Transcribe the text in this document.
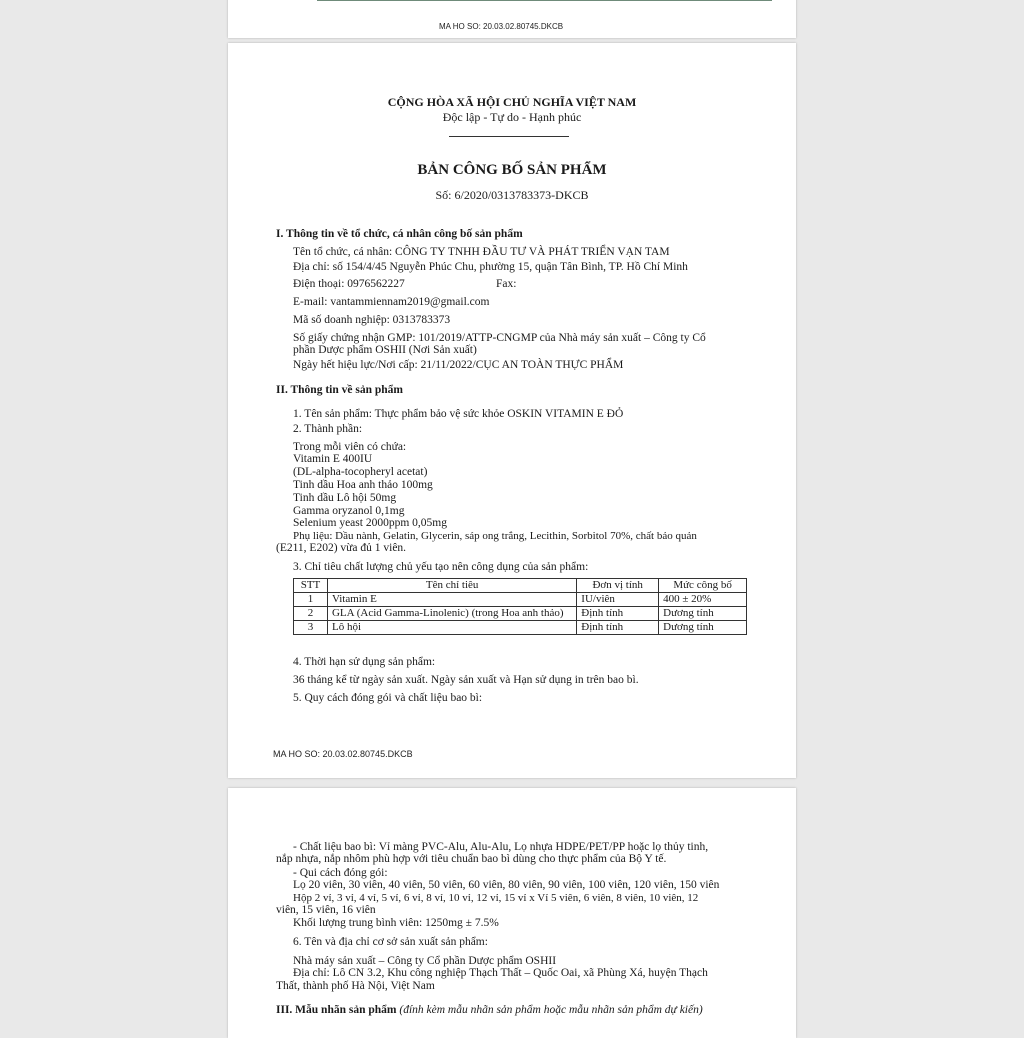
MA HO SO: 20.03.02.80745.DKCB
CỘNG HÒA XÃ HỘI CHỦ NGHĨA VIỆT NAM
Độc lập - Tự do - Hạnh phúc
BẢN CÔNG BỐ SẢN PHẨM
Số: 6/2020/0313783373-DKCB
I. Thông tin về tổ chức, cá nhân công bố sản phẩm
Tên tổ chức, cá nhân: CÔNG TY TNHH ĐẦU TƯ VÀ PHÁT TRIỂN VẠN TAM
Địa chỉ: số 154/4/45 Nguyễn Phúc Chu, phường 15, quận Tân Bình, TP. Hồ Chí Minh
Điện thoại: 0976562227	Fax:
E-mail: vantammiennam2019@gmail.com
Mã số doanh nghiệp: 0313783373
Số giấy chứng nhận GMP: 101/2019/ATTP-CNGMP của Nhà máy sản xuất – Công ty Cổ
phần Dược phẩm OSHII (Nơi Sản xuất)
Ngày hết hiệu lực/Nơi cấp: 21/11/2022/CỤC AN TOÀN THỰC PHẨM
II. Thông tin về sản phẩm
1. Tên sản phẩm: Thực phẩm bảo vệ sức khỏe OSKIN VITAMIN E ĐỎ
2. Thành phần:
Trong mỗi viên có chứa:
Vitamin E 400IU
(DL-alpha-tocopheryl acetat)
Tinh dầu Hoa anh thảo 100mg
Tinh dầu Lô hội 50mg
Gamma oryzanol 0,1mg
Selenium yeast 2000ppm 0,05mg
Phụ liệu: Dầu nành, Gelatin, Glycerin, sáp ong trắng, Lecithin, Sorbitol 70%, chất bảo quản
(E211, E202) vừa đủ 1 viên.
3. Chỉ tiêu chất lượng chủ yếu tạo nên công dụng của sản phẩm:
STT	Tên chỉ tiêu	Đơn vị tính	Mức công bố
1	Vitamin E	IU/viên	400 ± 20%
2	GLA (Acid Gamma-Linolenic) (trong Hoa anh thảo)	Định tính	Dương tính
3	Lô hội	Định tính	Dương tính
4. Thời hạn sử dụng sản phẩm:
36 tháng kể từ ngày sản xuất. Ngày sản xuất và Hạn sử dụng in trên bao bì.
5. Quy cách đóng gói và chất liệu bao bì:
MA HO SO: 20.03.02.80745.DKCB
- Chất liệu bao bì: Vỉ màng PVC-Alu, Alu-Alu, Lọ nhựa HDPE/PET/PP hoặc lọ thủy tinh,
nắp nhựa, nắp nhôm phù hợp với tiêu chuẩn bao bì dùng cho thực phẩm của Bộ Y tế.
- Qui cách đóng gói:
Lọ 20 viên, 30 viên, 40 viên, 50 viên, 60 viên, 80 viên, 90 viên, 100 viên, 120 viên, 150 viên
Hộp 2 vỉ, 3 vỉ, 4 vỉ, 5 vỉ, 6 vỉ, 8 vỉ, 10 vỉ, 12 vỉ, 15 vỉ x Vỉ 5 viên, 6 viên, 8 viên, 10 viên, 12
viên, 15 viên, 16 viên
Khối lượng trung bình viên: 1250mg ± 7.5%
6. Tên và địa chỉ cơ sở sản xuất sản phẩm:
Nhà máy sản xuất – Công ty Cổ phần Dược phẩm OSHII
Địa chỉ: Lô CN 3.2, Khu công nghiệp Thạch Thất – Quốc Oai, xã Phùng Xá, huyện Thạch
Thất, thành phố Hà Nội, Việt Nam
III. Mẫu nhãn sản phẩm (đính kèm mẫu nhãn sản phẩm hoặc mẫu nhãn sản phẩm dự kiến)
